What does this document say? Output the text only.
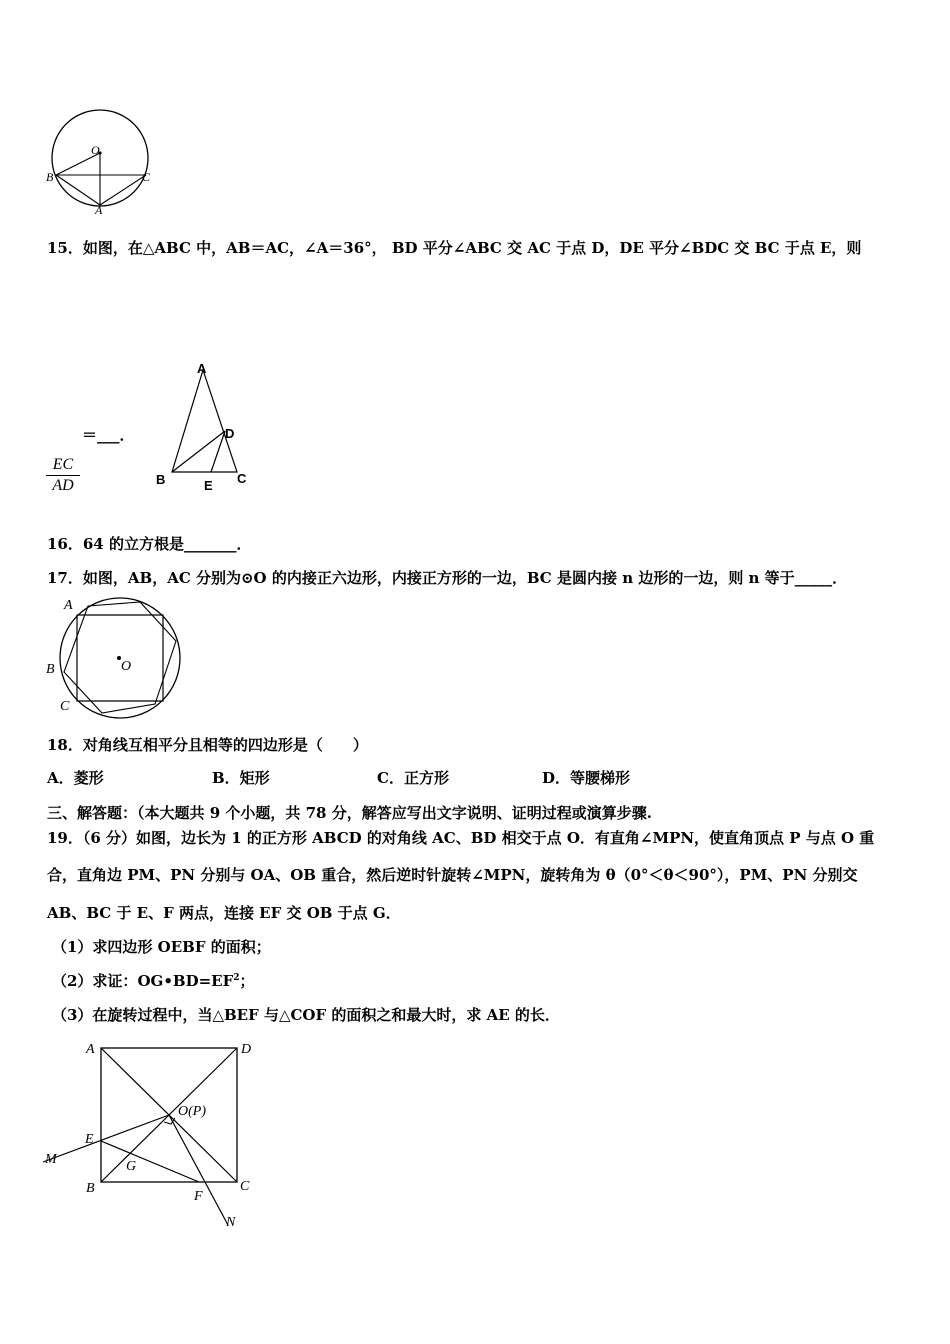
O
B	C
A
15．如图，在△ABC 中，AB＝AC，∠A＝36°， BD 平分∠ABC 交 AC 于点 D，DE 平分∠BDC 交 BC 于点 E，则
＝___．
EC
AD
A
D
B	E C
16．64 的立方根是_______．
17．如图，AB，AC 分别为⊙O 的内接正六边形，内接正方形的一边，BC 是圆内接 n 边形的一边，则 n 等于_____．
A
B
C
O
18．对角线互相平分且相等的四边形是（　　）
A．菱形	B．矩形	C．正方形	D．等腰梯形
三、解答题：（本大题共 9 个小题，共 78 分，解答应写出文字说明、证明过程或演算步骤.
19．（6 分）如图，边长为 1 的正方形 ABCD 的对角线 AC、BD 相交于点 O．有直角∠MPN，使直角顶点 P 与点 O 重
合，直角边 PM、PN 分别与 OA、OB 重合，然后逆时针旋转∠MPN，旋转角为 θ（0°＜θ＜90°），PM、PN 分别交
AB、BC 于 E、F 两点，连接 EF 交 OB 于点 G．
（1）求四边形 OEBF 的面积；
（2）求证：$OG•BD=EF^2$；
（3）在旋转过程中，当△BEF 与△COF 的面积之和最大时，求 AE 的长．
A	D
O(P)
E
M	G
B
F
C
N
